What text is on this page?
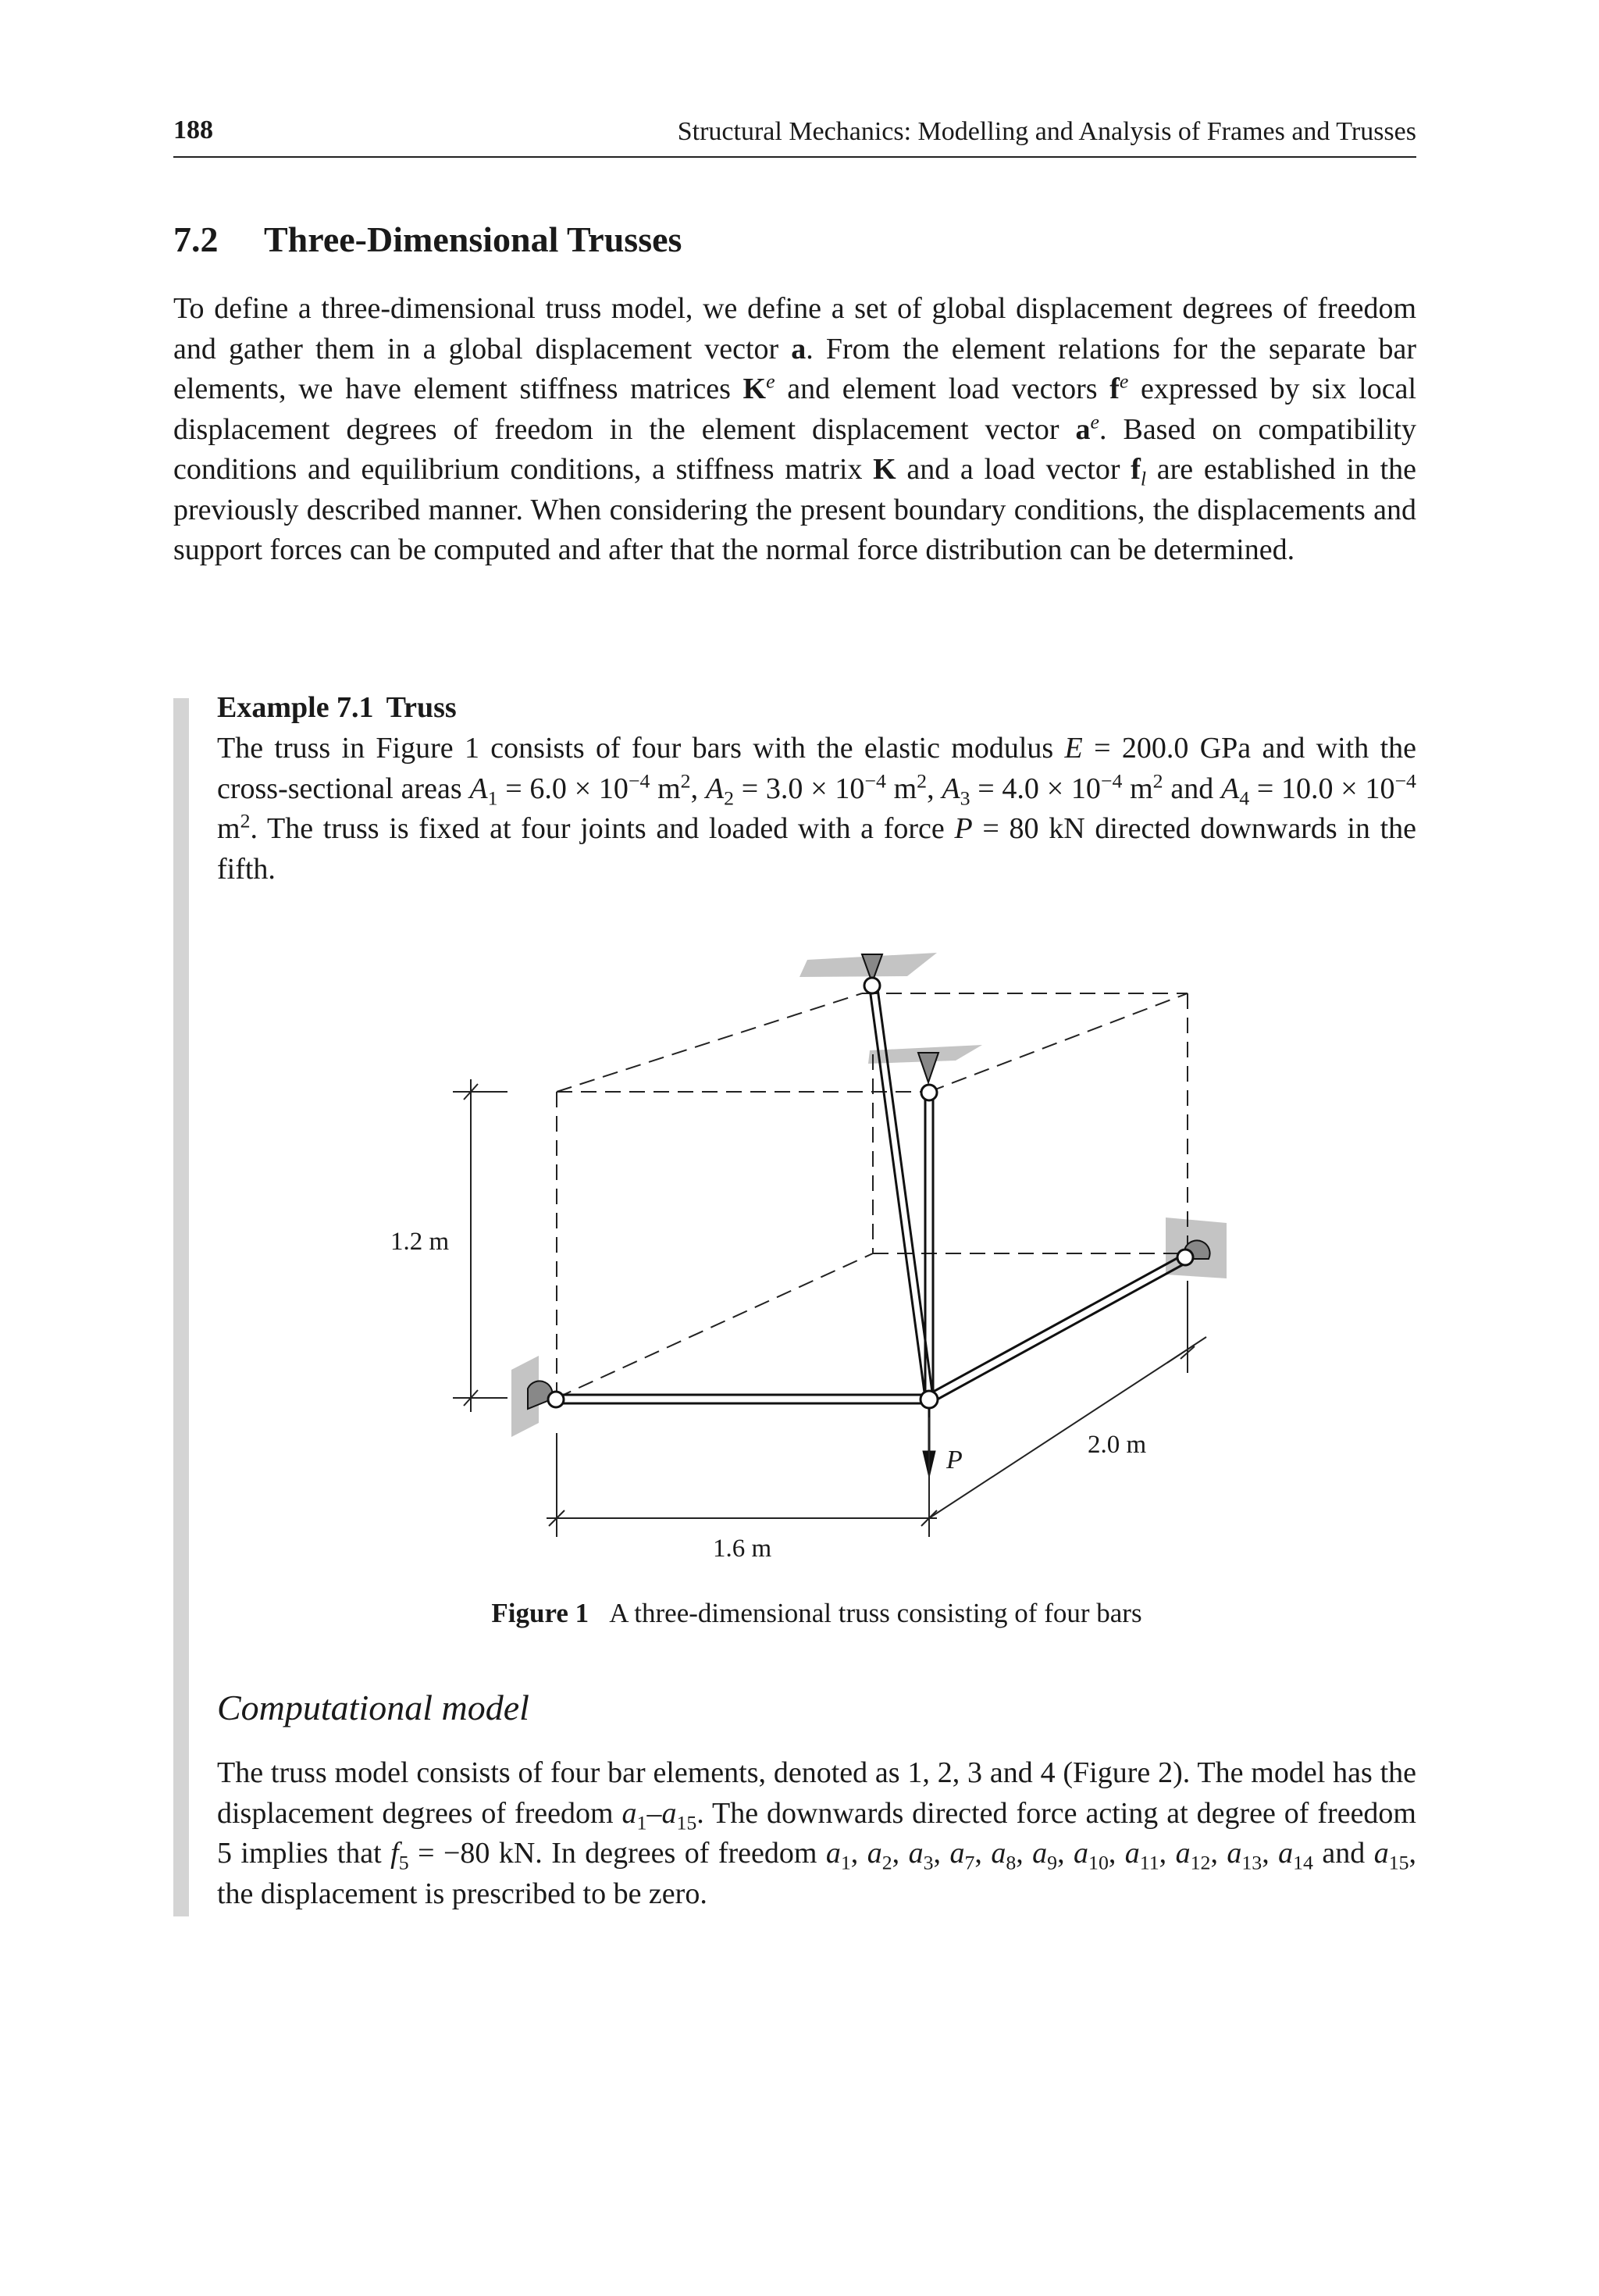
188	Structural Mechanics: Modelling and Analysis of Frames and Trusses
7.2 Three-Dimensional Trusses

To define a three-dimensional truss model, we define a set of global displacement degrees of freedom and gather them in a global displacement vector a. From the element relations for the separate bar elements, we have element stiffness matrices $K^e$ and element load vectors $f^e$ expressed by six local displacement degrees of freedom in the element displacement vector $a^e$. Based on compatibility conditions and equilibrium conditions, a stiffness matrix K and a load vector $f_l$ are established in the previously described manner. When considering the present boundary conditions, the displacements and support forces can be computed and after that the normal force distribution can be determined.

Example 7.1 Truss

The truss in Figure 1 consists of four bars with the elastic modulus E = 200.0 GPa and with the cross-sectional areas $A_1 = 6.0 \times 10^{-4}$ $m^2$, $A_2 = 3.0 \times 10^{-4}$ $m^2$, $A_3 = 4.0 \times 10^{-4}$ $m^2$ and $A_4 = 10.0 \times 10^{-4}$ $m^2$. The truss is fixed at four joints and loaded with a force P = 80 kN directed downwards in the fifth.

P
1.2 m
1.6 m
2.0 m
Figure 1 A three-dimensional truss consisting of four bars
Computational model

The truss model consists of four bar elements, denoted as 1, 2, 3 and 4 (Figure 2). The model has the displacement degrees of freedom $a_1-a_{15}$. The downwards directed force acting at degree of freedom 5 implies that $f_5 = -80$ kN. In degrees of freedom $a_1$, $a_2$, $a_3$, $a_7$, $a_8$, $a_9$, $a_{10}$, $a_{11}$, $a_{12}$, $a_{13}$, $a_{14}$ and $a_{15}$, the displacement is prescribed to be zero.
